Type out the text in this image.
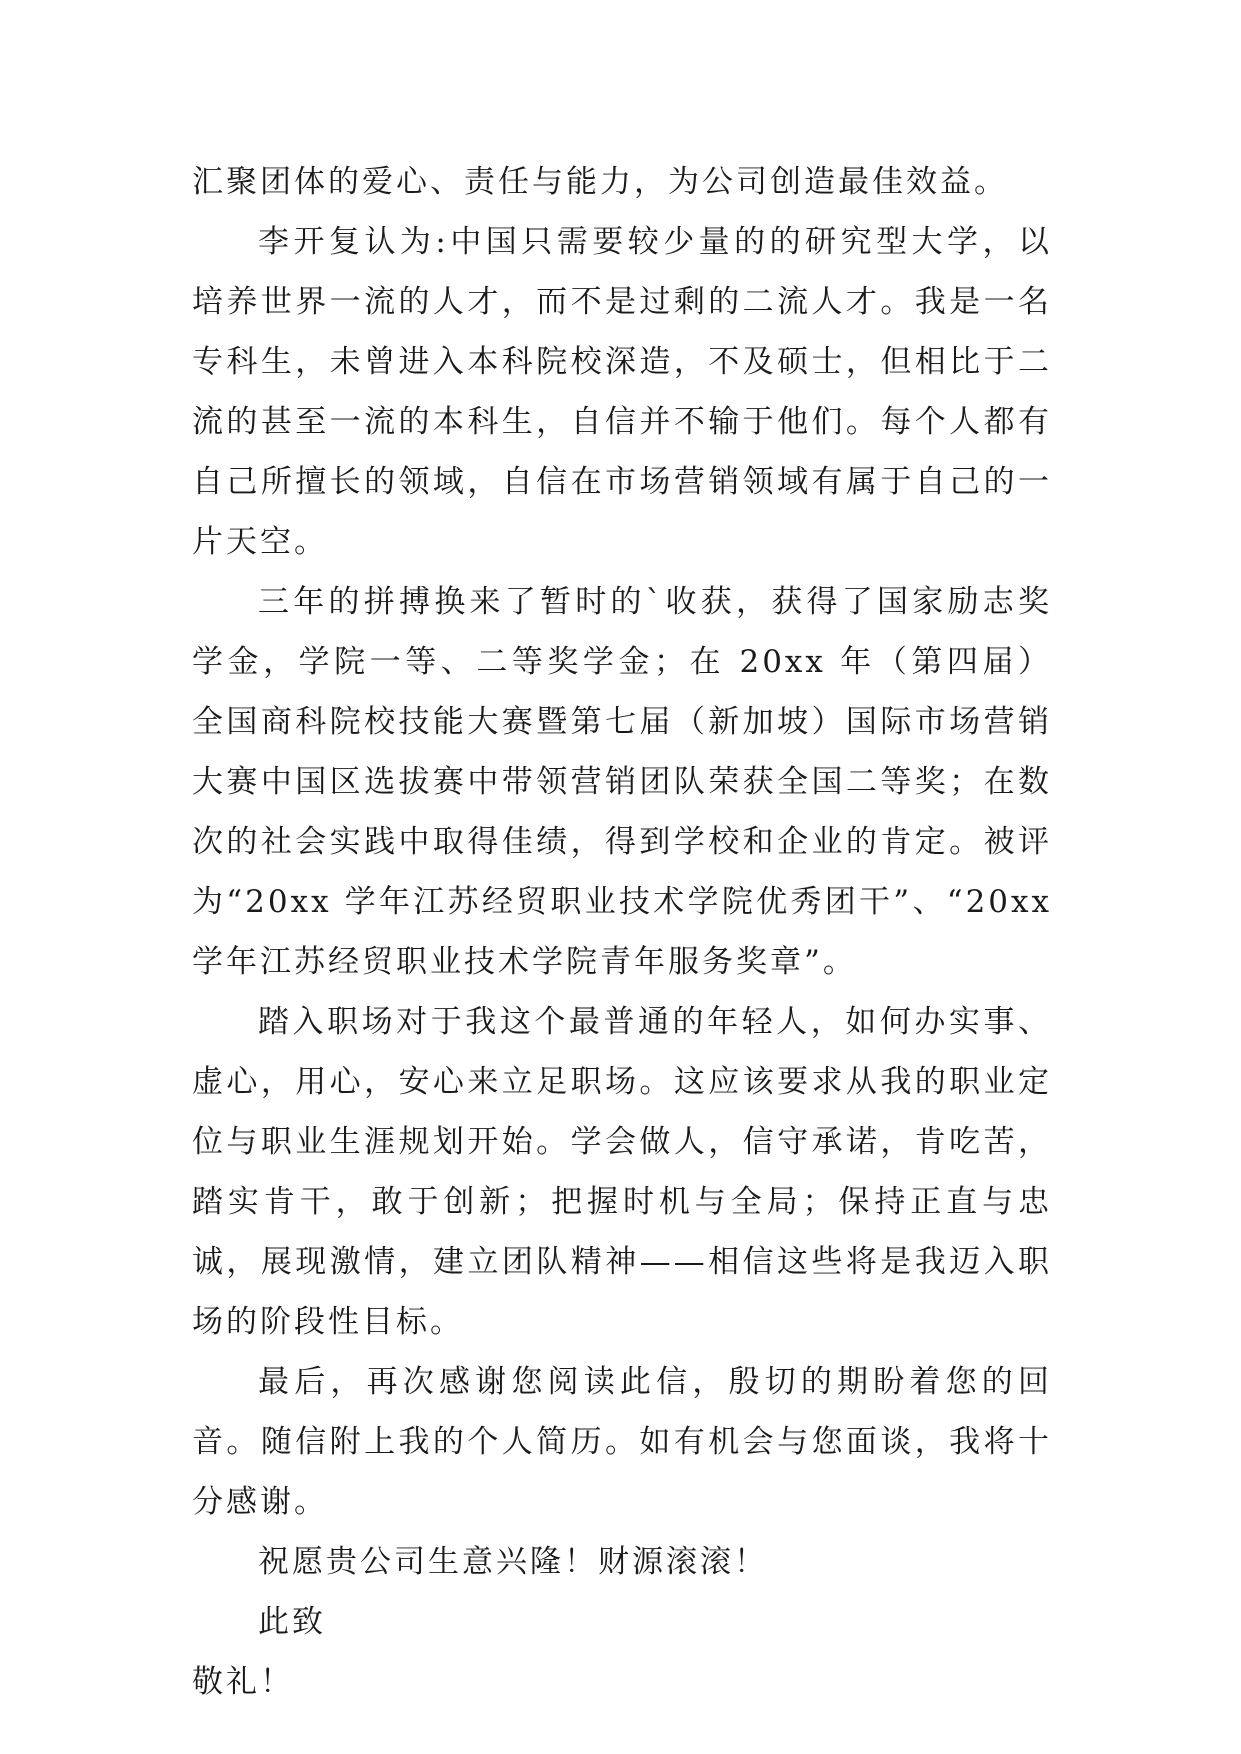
汇聚团体的爱心、责任与能力，为公司创造最佳效益。

李开复认为:中国只需要较少量的的研究型大学，以培养世界一流的人才，而不是过剩的二流人才。我是一名专科生，未曾进入本科院校深造，不及硕士，但相比于二流的甚至一流的本科生，自信并不输于他们。每个人都有自己所擅长的领域，自信在市场营销领域有属于自己的一片天空。

三年的拼搏换来了暂时的`收获，获得了国家励志奖学金，学院一等、二等奖学金；在 20xx 年（第四届）全国商科院校技能大赛暨第七届（新加坡）国际市场营销大赛中国区选拔赛中带领营销团队荣获全国二等奖；在数次的社会实践中取得佳绩，得到学校和企业的肯定。被评为“20xx 学年江苏经贸职业技术学院优秀团干”、“20xx 学年江苏经贸职业技术学院青年服务奖章”。

踏入职场对于我这个最普通的年轻人，如何办实事、虚心，用心，安心来立足职场。这应该要求从我的职业定位与职业生涯规划开始。学会做人，信守承诺，肯吃苦，踏实肯干，敢于创新；把握时机与全局；保持正直与忠诚，展现激情，建立团队精神——相信这些将是我迈入职场的阶段性目标。

最后，再次感谢您阅读此信，殷切的期盼着您的回音。随信附上我的个人简历。如有机会与您面谈，我将十分感谢。

祝愿贵公司生意兴隆！财源滚滚！

此致

敬礼！
